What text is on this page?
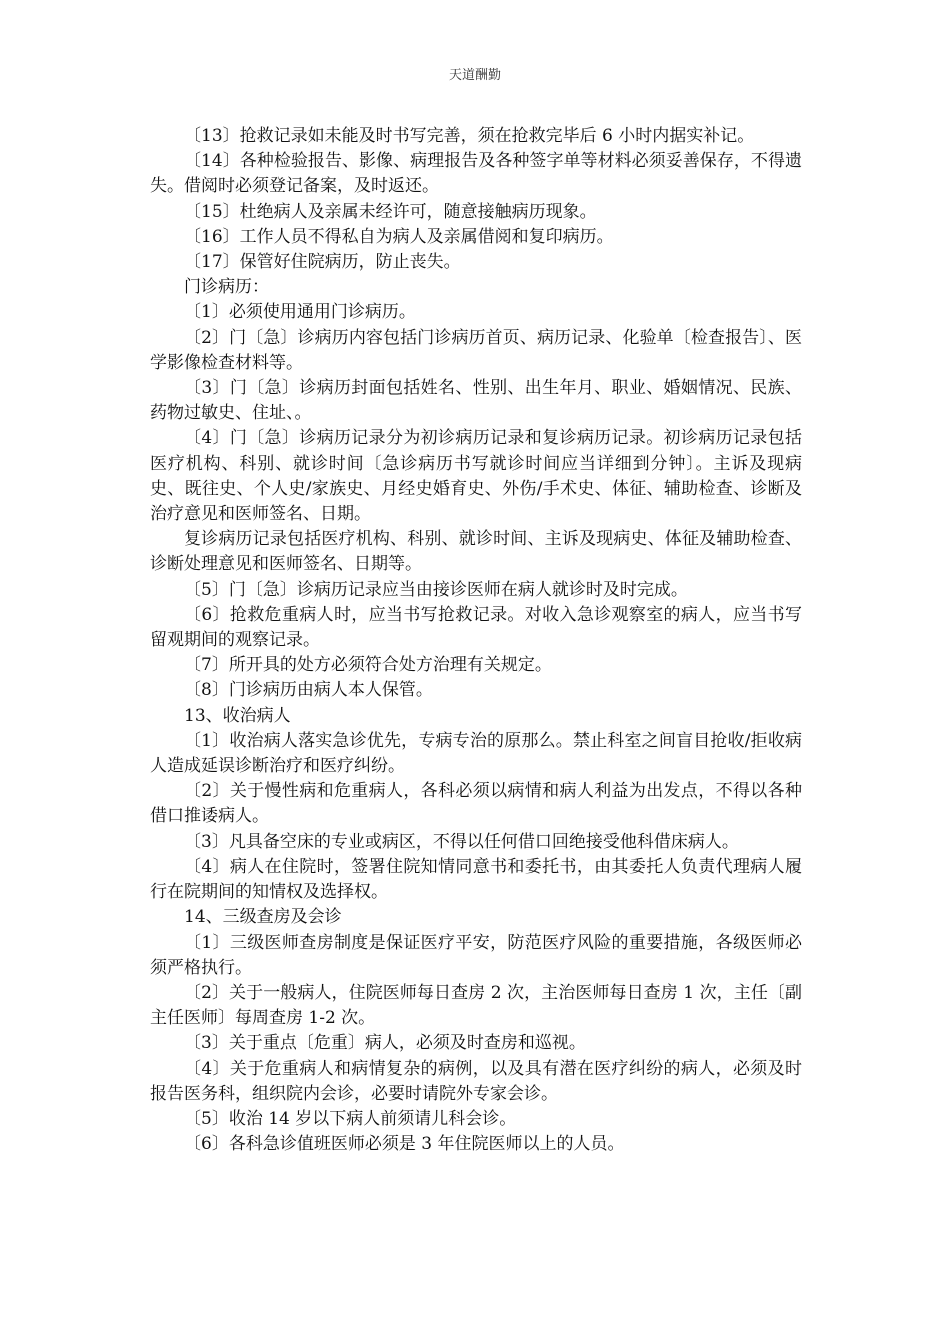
天道酬勤

〔13〕抢救记录如未能及时书写完善，须在抢救完毕后 6 小时内据实补记。

〔14〕各种检验报告、影像、病理报告及各种签字单等材料必须妥善保存，不得遗失。借阅时必须登记备案，及时返还。

〔15〕杜绝病人及亲属未经许可，随意接触病历现象。

〔16〕工作人员不得私自为病人及亲属借阅和复印病历。

〔17〕保管好住院病历，防止丧失。

门诊病历：

〔1〕必须使用通用门诊病历。

〔2〕门〔急〕诊病历内容包括门诊病历首页、病历记录、化验单〔检查报告〕、医学影像检查材料等。

〔3〕门〔急〕诊病历封面包括姓名、性别、出生年月、职业、婚姻情况、民族、药物过敏史、住址、。

〔4〕门〔急〕诊病历记录分为初诊病历记录和复诊病历记录。初诊病历记录包括医疗机构、科别、就诊时间〔急诊病历书写就诊时间应当详细到分钟〕。主诉及现病史、既往史、个人史/家族史、月经史婚育史、外伤/手术史、体征、辅助检查、诊断及治疗意见和医师签名、日期。

复诊病历记录包括医疗机构、科别、就诊时间、主诉及现病史、体征及辅助检查、诊断处理意见和医师签名、日期等。

〔5〕门〔急〕诊病历记录应当由接诊医师在病人就诊时及时完成。

〔6〕抢救危重病人时，应当书写抢救记录。对收入急诊观察室的病人，应当书写留观期间的观察记录。

〔7〕所开具的处方必须符合处方治理有关规定。

〔8〕门诊病历由病人本人保管。

13、收治病人

〔1〕收治病人落实急诊优先，专病专治的原那么。禁止科室之间盲目抢收/拒收病人造成延误诊断治疗和医疗纠纷。

〔2〕关于慢性病和危重病人，各科必须以病情和病人利益为出发点，不得以各种借口推诿病人。

〔3〕凡具备空床的专业或病区，不得以任何借口回绝接受他科借床病人。

〔4〕病人在住院时，签署住院知情同意书和委托书，由其委托人负责代理病人履行在院期间的知情权及选择权。

14、三级查房及会诊

〔1〕三级医师查房制度是保证医疗平安，防范医疗风险的重要措施，各级医师必须严格执行。

〔2〕关于一般病人，住院医师每日查房 2 次，主治医师每日查房 1 次，主任〔副主任医师〕每周查房 1-2 次。

〔3〕关于重点〔危重〕病人，必须及时查房和巡视。

〔4〕关于危重病人和病情复杂的病例，以及具有潜在医疗纠纷的病人，必须及时报告医务科，组织院内会诊，必要时请院外专家会诊。

〔5〕收治 14 岁以下病人前须请儿科会诊。

〔6〕各科急诊值班医师必须是 3 年住院医师以上的人员。
